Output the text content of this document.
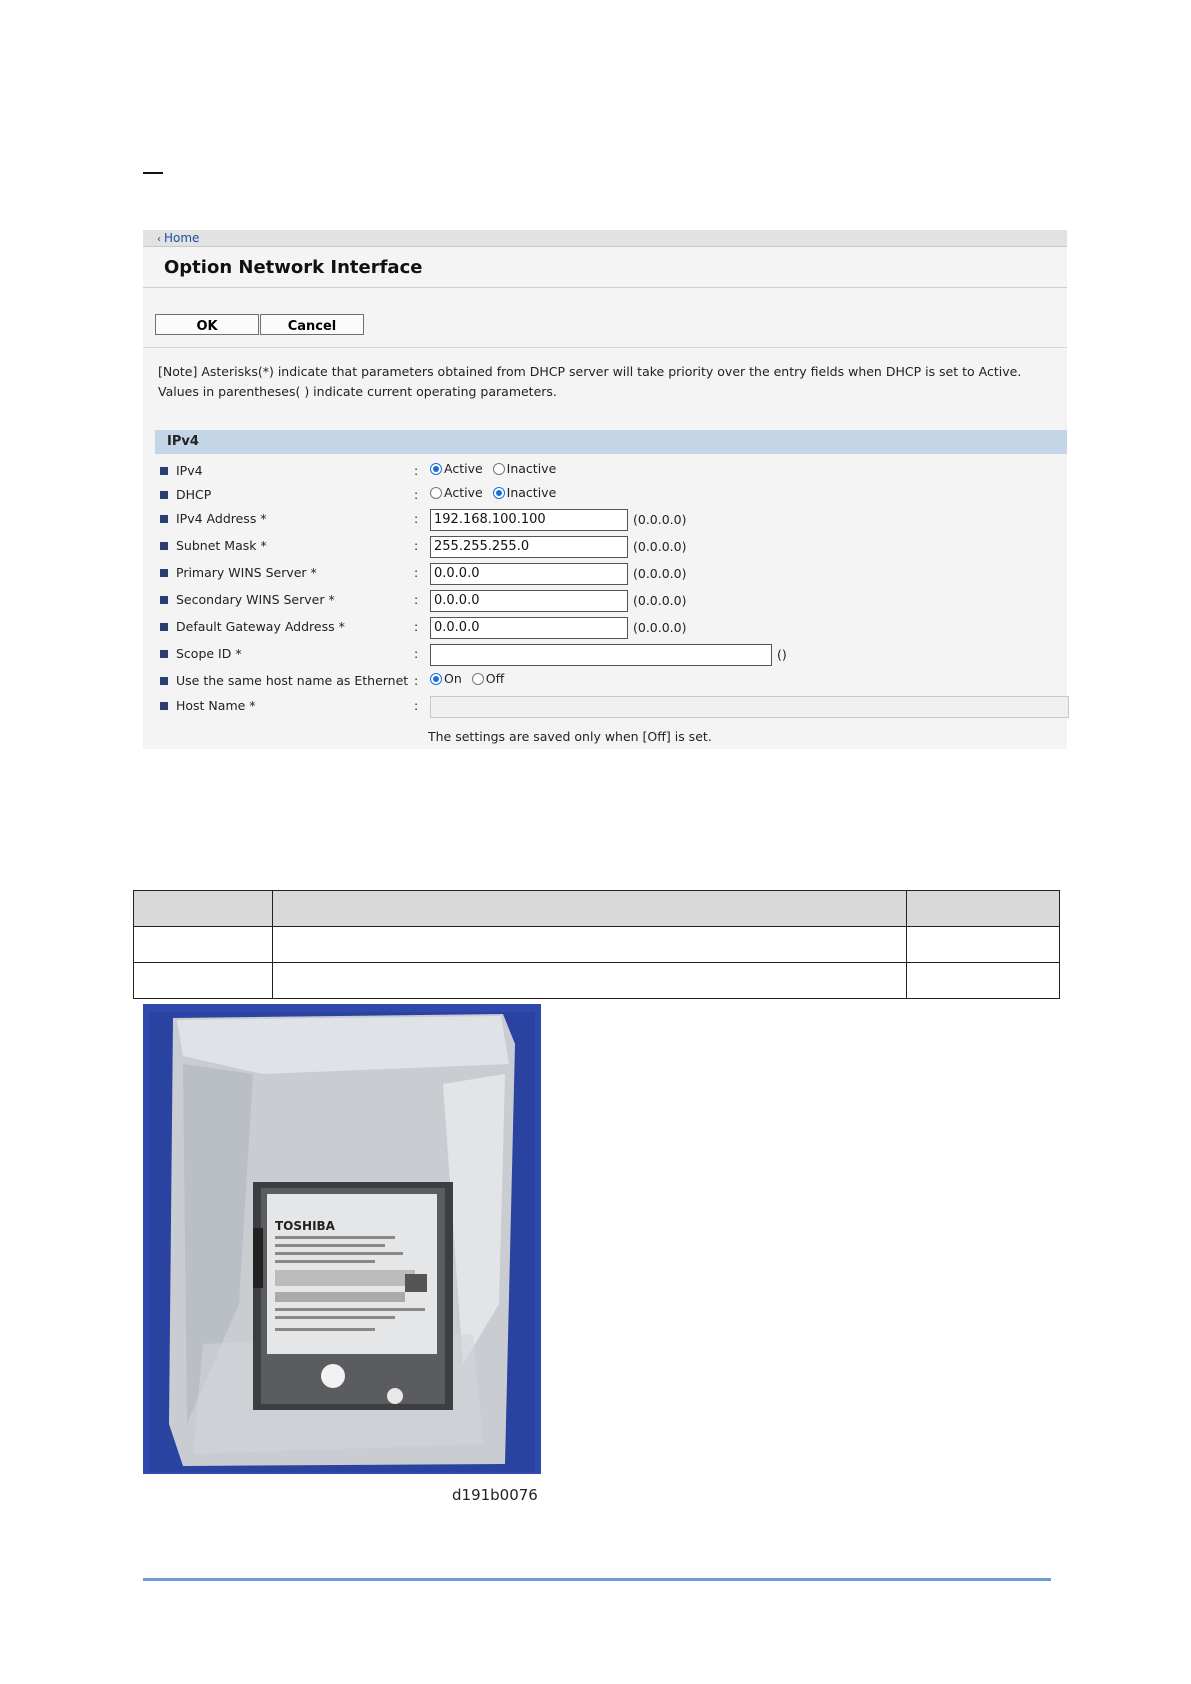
‹ Home
Option Network Interface
OK	Cancel
[Note] Asterisks(*) indicate that parameters obtained from DHCP server will take priority over the entry fields when DHCP is set to Active.
Values in parentheses( ) indicate current operating parameters.
IPv4
IPv4	:	Active Inactive
DHCP	:	Active Inactive
IPv4 Address *	:	192.168.100.100	(0.0.0.0)
Subnet Mask *	:	255.255.255.0	(0.0.0.0)
Primary WINS Server *	:	0.0.0.0	(0.0.0.0)
Secondary WINS Server *	:	0.0.0.0	(0.0.0.0)
Default Gateway Address *	:	0.0.0.0	(0.0.0.0)
Scope ID *	:	()
Use the same host name as Ethernet :	On Off
Host Name *	:
The settings are saved only when [Off] is set.

TOSHIBA
d191b0076
